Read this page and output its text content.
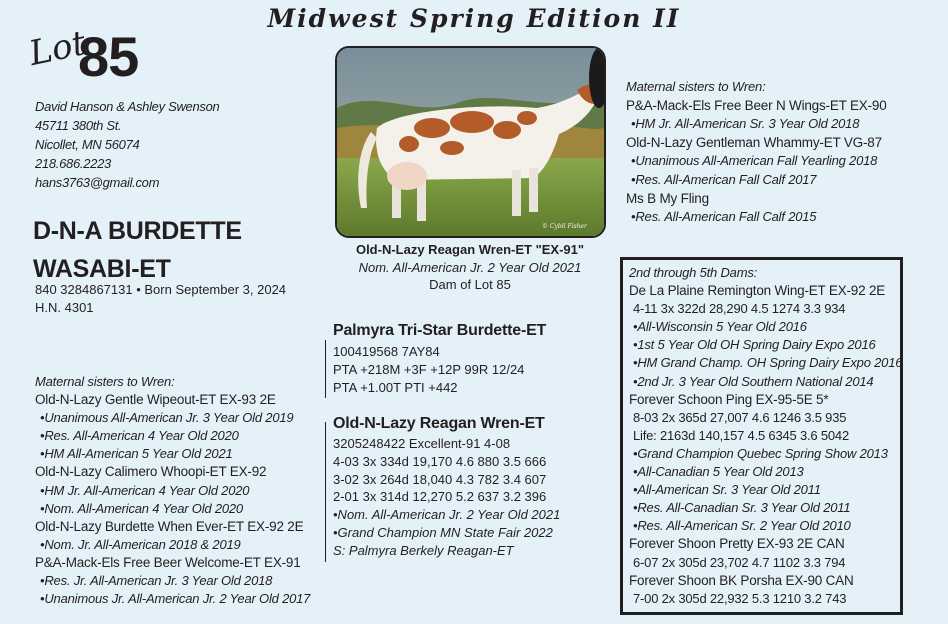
Midwest Spring Edition II
Lot
85

David Hanson & Ashley Swenson

45711 380th St.

Nicollet, MN 56074

218.686.2223

hans3763@gmail.com

D-N-A BURDETTE

WASABI-ET

840 3284867131 • Born September 3, 2024

H.N. 4301

© Cybil Fisher

Old-N-Lazy Reagan Wren-ET "EX-91"

Nom. All-American Jr. 2 Year Old 2021

Dam of Lot 85

Palmyra Tri-Star Burdette-ET

100419568 7AY84

PTA +218M +3F +12P 99R 12/24

PTA +1.00T PTI +442

Old-N-Lazy Reagan Wren-ET

3205248422 Excellent-91 4-08

4-03 3x 334d 19,170 4.6 880 3.5 666

3-02 3x 264d 18,040 4.3 782 3.4 607

2-01 3x 314d 12,270 5.2 637 3.2 396

•Nom. All-American Jr. 2 Year Old 2021

•Grand Champion MN State Fair 2022

S: Palmyra Berkely Reagan-ET

Maternal sisters to Wren:

Old-N-Lazy Gentle Wipeout-ET EX-93 2E

•Unanimous All-American Jr. 3 Year Old 2019

•Res. All-American 4 Year Old 2020

•HM All-American 5 Year Old 2021

Old-N-Lazy Calimero Whoopi-ET EX-92

•HM Jr. All-American 4 Year Old 2020

•Nom. All-American 4 Year Old 2020

Old-N-Lazy Burdette When Ever-ET EX-92 2E

•Nom. Jr. All-American 2018 & 2019

P&A-Mack-Els Free Beer Welcome-ET EX-91

•Res. Jr. All-American Jr. 3 Year Old 2018

•Unanimous Jr. All-American Jr. 2 Year Old 2017

Maternal sisters to Wren:

P&A-Mack-Els Free Beer N Wings-ET EX-90

•HM Jr. All-American Sr. 3 Year Old 2018

Old-N-Lazy Gentleman Whammy-ET VG-87

•Unanimous All-American Fall Yearling 2018

•Res. All-American Fall Calf 2017

Ms B My Fling

•Res. All-American Fall Calf 2015

2nd through 5th Dams:

De La Plaine Remington Wing-ET EX-92 2E

4-11 3x 322d 28,290 4.5 1274 3.3 934

•All-Wisconsin 5 Year Old 2016

•1st 5 Year Old OH Spring Dairy Expo 2016

•HM Grand Champ. OH Spring Dairy Expo 2016

•2nd Jr. 3 Year Old Southern National 2014

Forever Schoon Ping EX-95-5E 5*

8-03 2x 365d 27,007 4.6 1246 3.5 935

Life: 2163d 140,157 4.5 6345 3.6 5042

•Grand Champion Quebec Spring Show 2013

•All-Canadian 5 Year Old 2013

•All-American Sr. 3 Year Old 2011

•Res. All-Canadian Sr. 3 Year Old 2011

•Res. All-American Sr. 2 Year Old 2010

Forever Shoon Pretty EX-93 2E CAN

6-07 2x 305d 23,702 4.7 1102 3.3 794

Forever Shoon BK Porsha EX-90 CAN

7-00 2x 305d 22,932 5.3 1210 3.2 743
